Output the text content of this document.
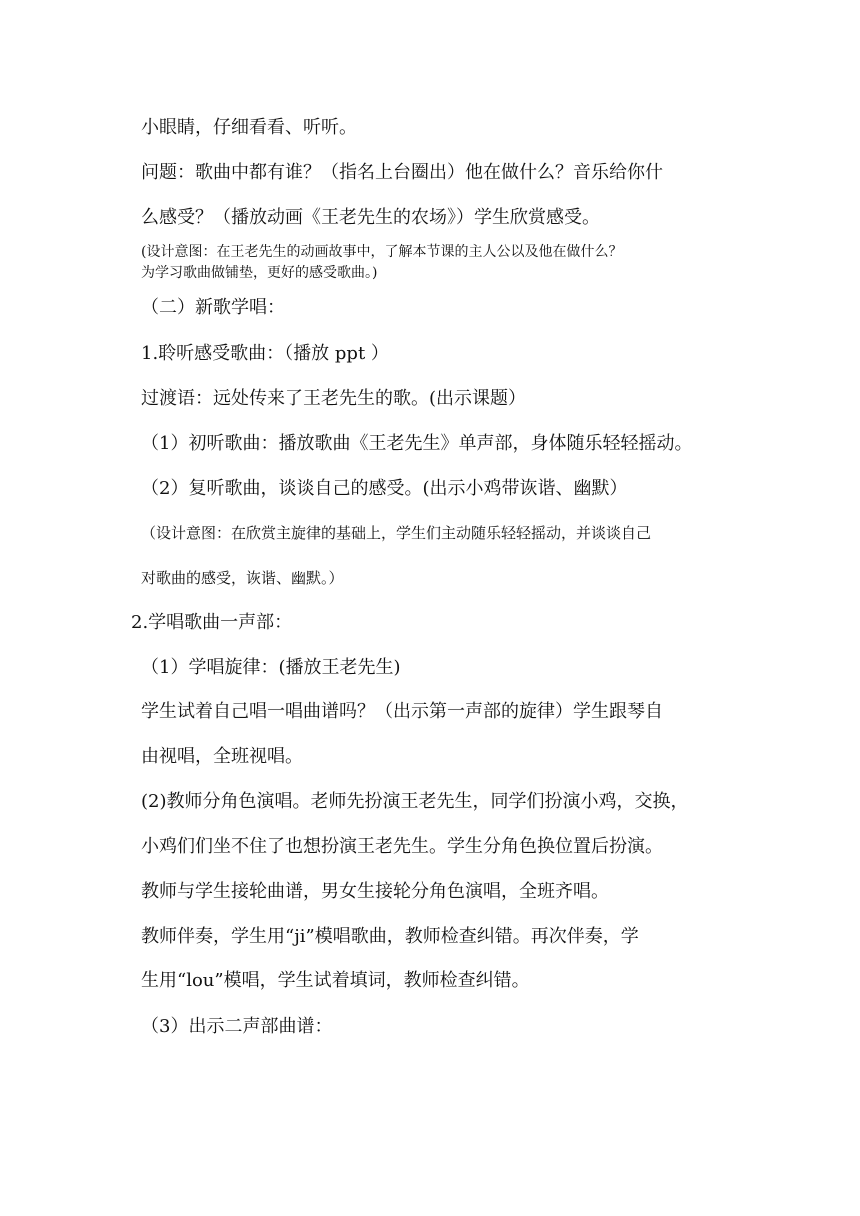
小眼睛，仔细看看、听听。
问题：歌曲中都有谁？（指名上台圈出）他在做什么？音乐给你什
么感受？（播放动画《王老先生的农场》）学生欣赏感受。
(设计意图：在王老先生的动画故事中，了解本节课的主人公以及他在做什么？
为学习歌曲做铺垫，更好的感受歌曲。)
（二）新歌学唱：
1.聆听感受歌曲：（播放 ppt ）
过渡语：远处传来了王老先生的歌。(出示课题）
（1）初听歌曲：播放歌曲《王老先生》单声部，身体随乐轻轻摇动。
（2）复听歌曲，谈谈自己的感受。(出示小鸡带诙谐、幽默）
（设计意图：在欣赏主旋律的基础上，学生们主动随乐轻轻摇动，并谈谈自己
对歌曲的感受，诙谐、幽默。）
2.学唱歌曲一声部：
（1）学唱旋律：(播放王老先生)
学生试着自己唱一唱曲谱吗？（出示第一声部的旋律）学生跟琴自
由视唱，全班视唱。
(2)教师分角色演唱。老师先扮演王老先生，同学们扮演小鸡，交换，
小鸡们们坐不住了也想扮演王老先生。学生分角色换位置后扮演。
教师与学生接轮曲谱，男女生接轮分角色演唱，全班齐唱。
教师伴奏，学生用“ji”模唱歌曲，教师检查纠错。再次伴奏，学
生用“lou”模唱，学生试着填词，教师检查纠错。
（3）出示二声部曲谱：
